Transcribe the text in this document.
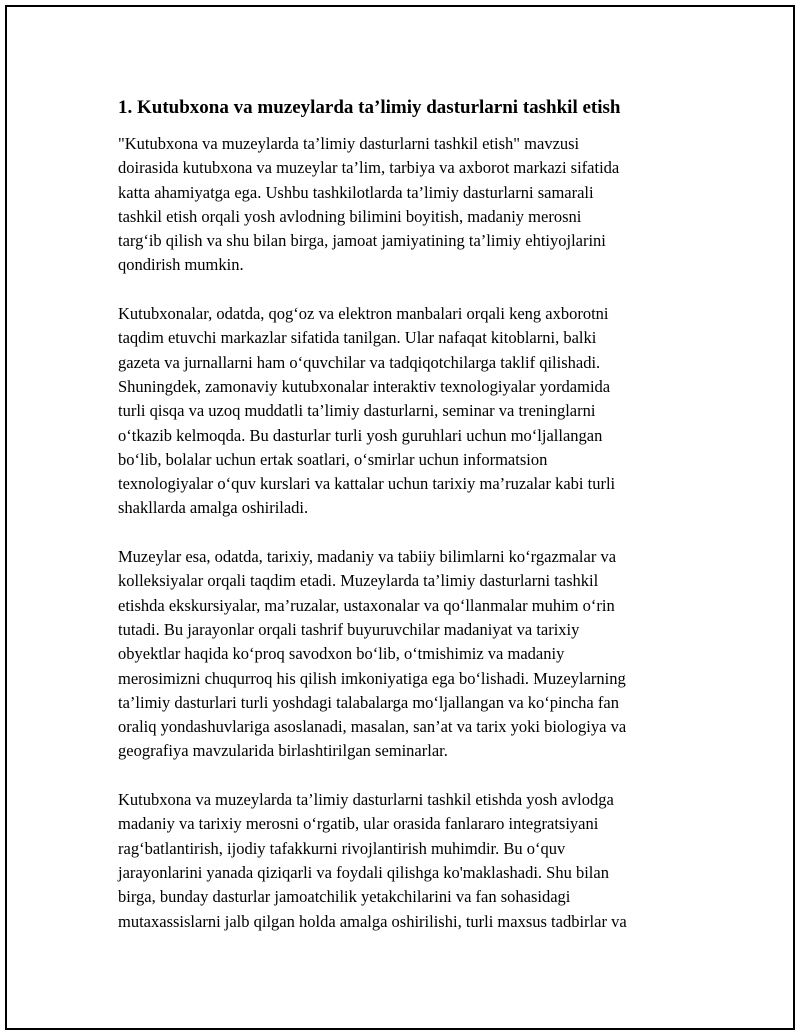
1. Kutubxona va muzeylarda ta’limiy dasturlarni tashkil etish

"Kutubxona va muzeylarda ta’limiy dasturlarni tashkil etish" mavzusi
doirasida kutubxona va muzeylar ta’lim, tarbiya va axborot markazi sifatida
katta ahamiyatga ega. Ushbu tashkilotlarda ta’limiy dasturlarni samarali
tashkil etish orqali yosh avlodning bilimini boyitish, madaniy merosni
targ‘ib qilish va shu bilan birga, jamoat jamiyatining ta’limiy ehtiyojlarini
qondirish mumkin.

Kutubxonalar, odatda, qog‘oz va elektron manbalari orqali keng axborotni
taqdim etuvchi markazlar sifatida tanilgan. Ular nafaqat kitoblarni, balki
gazeta va jurnallarni ham o‘quvchilar va tadqiqotchilarga taklif qilishadi.
Shuningdek, zamonaviy kutubxonalar interaktiv texnologiyalar yordamida
turli qisqa va uzoq muddatli ta’limiy dasturlarni, seminar va treninglarni
o‘tkazib kelmoqda. Bu dasturlar turli yosh guruhlari uchun mo‘ljallangan
bo‘lib, bolalar uchun ertak soatlari, o‘smirlar uchun informatsion
texnologiyalar o‘quv kurslari va kattalar uchun tarixiy ma’ruzalar kabi turli
shakllarda amalga oshiriladi.

Muzeylar esa, odatda, tarixiy, madaniy va tabiiy bilimlarni ko‘rgazmalar va
kolleksiyalar orqali taqdim etadi. Muzeylarda ta’limiy dasturlarni tashkil
etishda ekskursiyalar, ma’ruzalar, ustaxonalar va qo‘llanmalar muhim o‘rin
tutadi. Bu jarayonlar orqali tashrif buyuruvchilar madaniyat va tarixiy
obyektlar haqida ko‘proq savodxon bo‘lib, o‘tmishimiz va madaniy
merosimizni chuqurroq his qilish imkoniyatiga ega bo‘lishadi. Muzeylarning
ta’limiy dasturlari turli yoshdagi talabalarga mo‘ljallangan va ko‘pincha fan
oraliq yondashuvlariga asoslanadi, masalan, san’at va tarix yoki biologiya va
geografiya mavzularida birlashtirilgan seminarlar.

Kutubxona va muzeylarda ta’limiy dasturlarni tashkil etishda yosh avlodga
madaniy va tarixiy merosni o‘rgatib, ular orasida fanlararo integratsiyani
rag‘batlantirish, ijodiy tafakkurni rivojlantirish muhimdir. Bu o‘quv
jarayonlarini yanada qiziqarli va foydali qilishga ko'maklashadi. Shu bilan
birga, bunday dasturlar jamoatchilik yetakchilarini va fan sohasidagi
mutaxassislarni jalb qilgan holda amalga oshirilishi, turli maxsus tadbirlar va
